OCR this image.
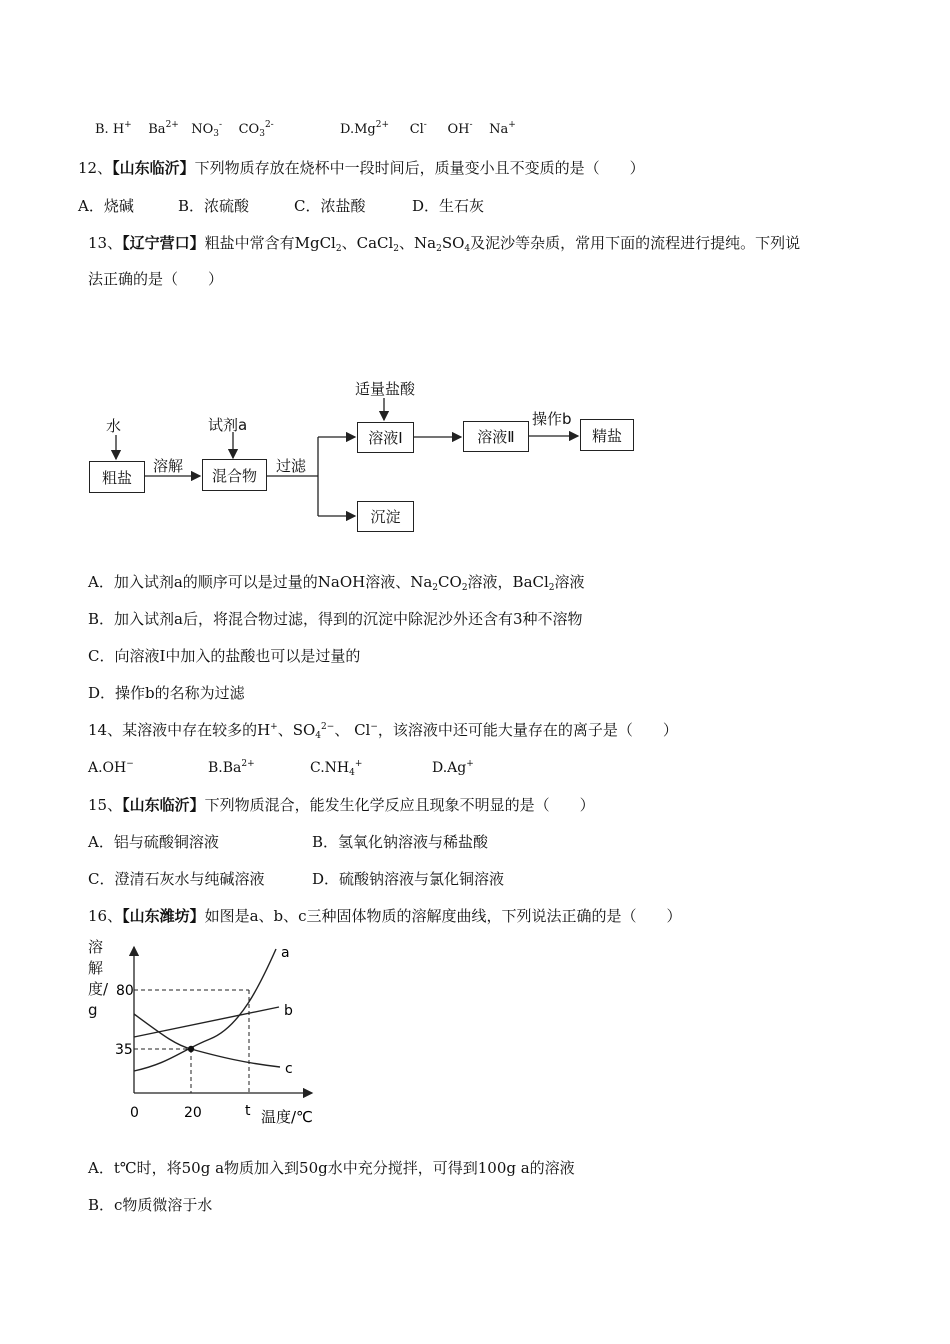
B. H+ $Ba^{2+}$ $NO_3^-$ $CO_3^{2-}$	$D.Mg^{2+}$ Cl- OH- Na+
12、【山东临沂】下列物质存放在烧杯中一段时间后，质量变小且不变质的是（　　）
A．烧碱	B．浓硫酸	C．浓盐酸	D．生石灰
13、【辽宁营口】粗盐中常含有MgCl$_2$、CaCl$_2$、$Na_2SO_4$及泥沙等杂质，常用下面的流程进行提纯。下列说
法正确的是（　　）
水
粗盐
溶解
试剂a
混合物
过滤
适量盐酸
溶液Ⅰ	溶液Ⅱ
操作b
精盐
沉淀
A．加入试剂a的顺序可以是过量的NaOH溶液、$Na_2CO_2$溶液，BaCl$_2$溶液
B．加入试剂a后，将混合物过滤，得到的沉淀中除泥沙外还含有3种不溶物
C．向溶液Ⅰ中加入的盐酸也可以是过量的
D．操作b的名称为过滤
14、某溶液中存在较多的H+、$SO_4^{2-}$、 Cl−，该溶液中还可能大量存在的离子是（　　）
A.OH−	$B.Ba^{2+}$	$C.NH_4^+$	D.Ag+
15、【山东临沂】下列物质混合，能发生化学反应且现象不明显的是（　　）
A．铝与硫酸铜溶液	B．氢氧化钠溶液与稀盐酸
C．澄清石灰水与纯碱溶液	D．硫酸钠溶液与氯化铜溶液
16、【山东潍坊】如图是a、b、c三种固体物质的溶解度曲线，下列说法正确的是（　　）
a
b
c
80
35
0	20	t 温度/℃
溶解度/g
A．t℃时，将50g a物质加入到50g水中充分搅拌，可得到100g a的溶液
B．c物质微溶于水
